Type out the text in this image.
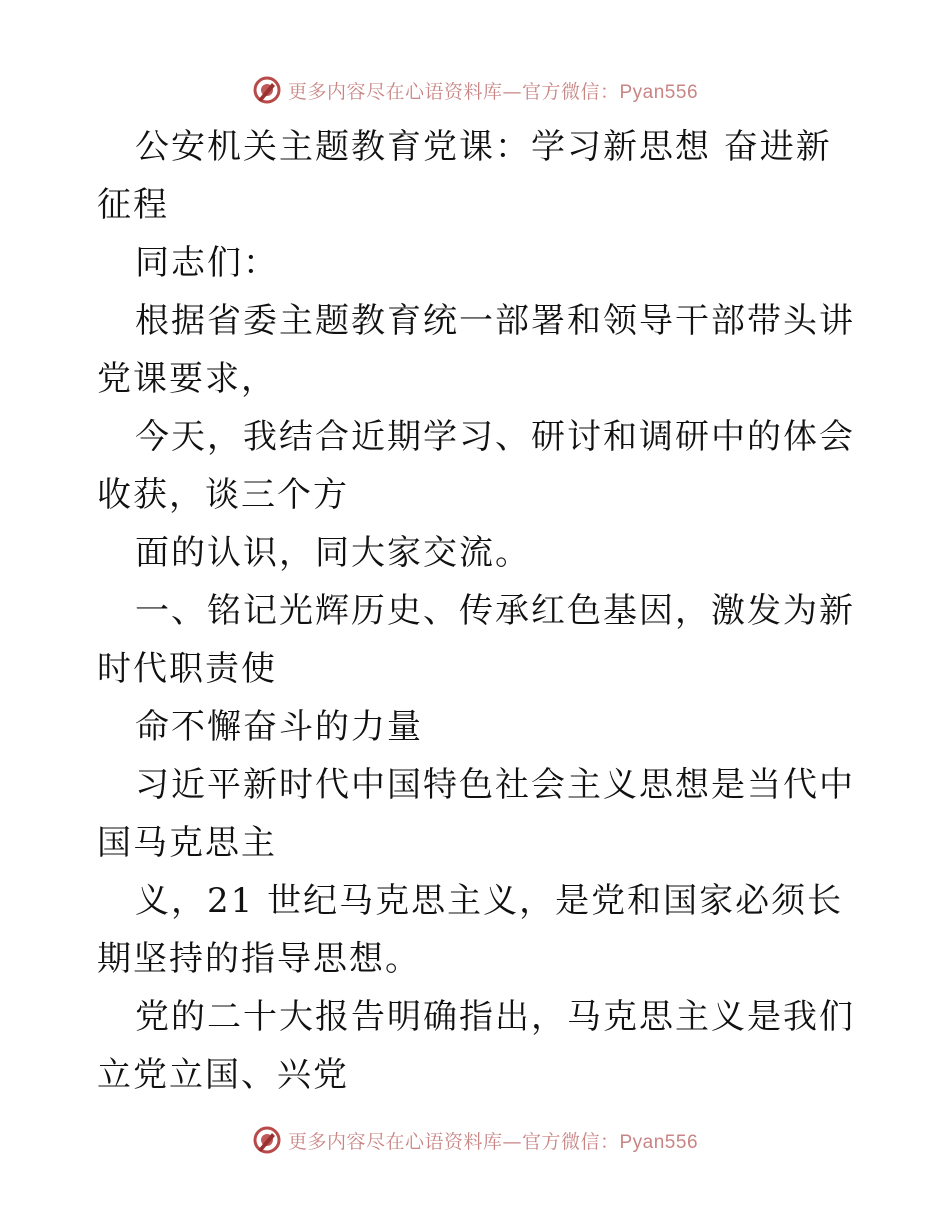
更多内容尽在心语资料库—官方微信：Pyan556

公安机关主题教育党课：学习新思想 奋进新征程

同志们：

根据省委主题教育统一部署和领导干部带头讲党课要求，

今天，我结合近期学习、研讨和调研中的体会收获，谈三个方

面的认识，同大家交流。

一、铭记光辉历史、传承红色基因，激发为新时代职责使

命不懈奋斗的力量

习近平新时代中国特色社会主义思想是当代中国马克思主

义，21 世纪马克思主义，是党和国家必须长期坚持的指导思想。

党的二十大报告明确指出，马克思主义是我们立党立国、兴党

更多内容尽在心语资料库—官方微信：Pyan556
